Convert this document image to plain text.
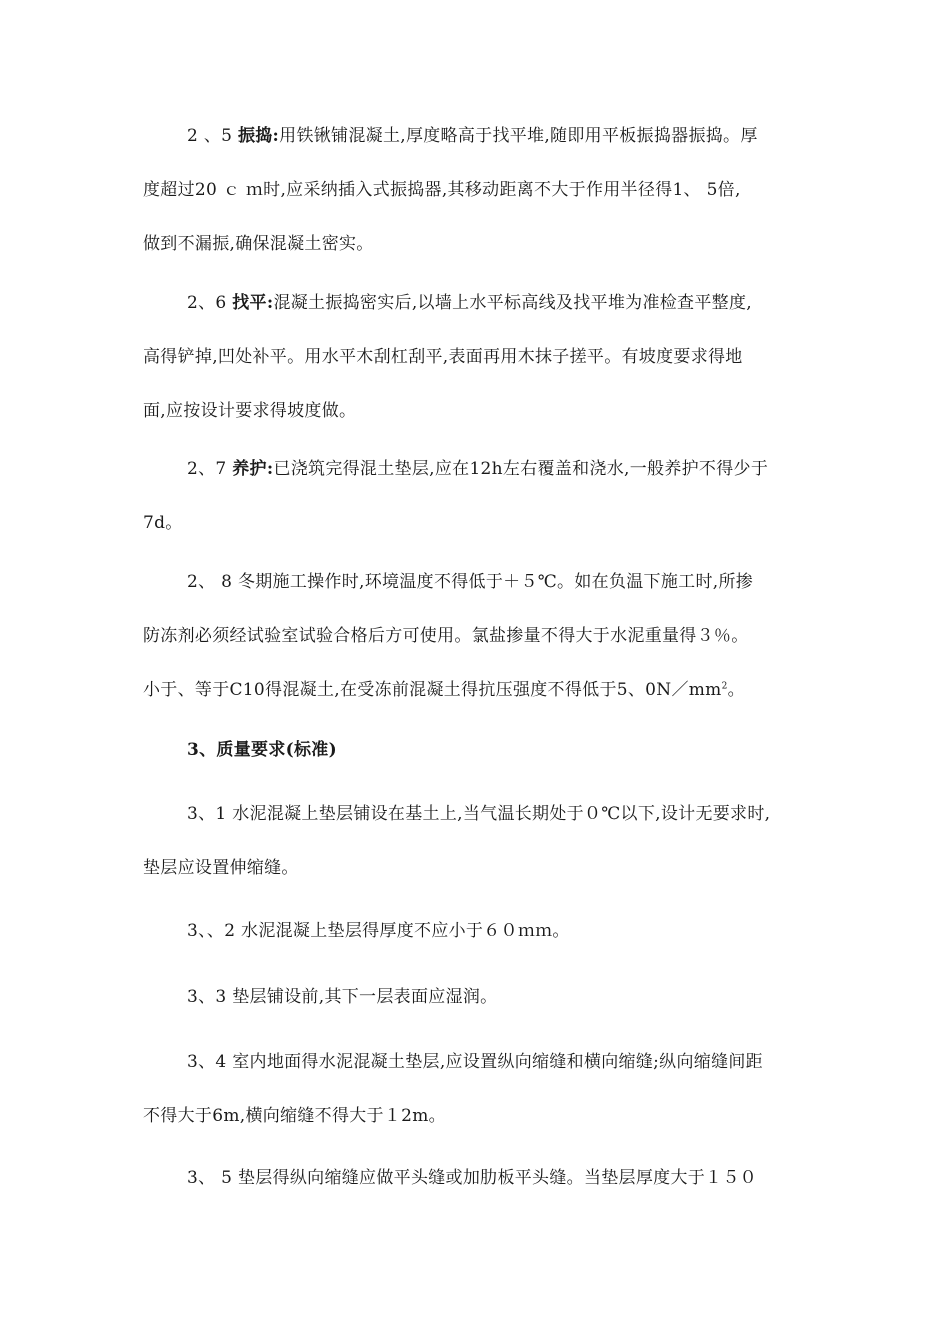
2 、5 振捣:用铁锹铺混凝土,厚度略高于找平堆,随即用平板振捣器振捣。厚
度超过20 ｃ ｍ时,应采纳插入式振捣器,其移动距离不大于作用半径得1、 5倍,
做到不漏振,确保混凝土密实。
2、6 找平:混凝土振捣密实后,以墙上水平标高线及找平堆为准检查平整度,
高得铲掉,凹处补平。用水平木刮杠刮平,表面再用木抹子搓平。有坡度要求得地
面,应按设计要求得坡度做。
2、7 养护:已浇筑完得混土垫层,应在12h左右覆盖和浇水,一般养护不得少于
7d。
2、 8 冬期施工操作时,环境温度不得低于＋５℃。如在负温下施工时,所掺
防冻剂必须经试验室试验合格后方可使用。氯盐掺量不得大于水泥重量得３％。
小于、等于C10得混凝土,在受冻前混凝土得抗压强度不得低于5、$0N/mm^2$。
3、质量要求(标准)
3、1 水泥混凝上垫层铺设在基土上,当气温长期处于０℃以下,设计无要求时,
垫层应设置伸缩缝。
3、、2 水泥混凝上垫层得厚度不应小于６０ｍｍ。
3、3 垫层铺设前,其下一层表面应湿润。
3、4 室内地面得水泥混凝土垫层,应设置纵向缩缝和横向缩缝;纵向缩缝间距
不得大于6m,横向缩缝不得大于１2m。
3、 5 垫层得纵向缩缝应做平头缝或加肋板平头缝。当垫层厚度大于１５０
